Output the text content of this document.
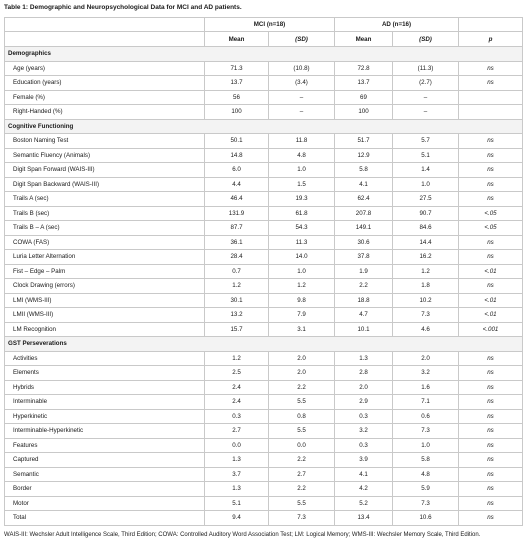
Table 1: Demographic and Neuropsychological Data for MCI and AD patients.
	MCI (n=18)		AD (n=16)		
	Mean	(SD)	Mean	(SD)	p
Demographics					
Age (years)	71.3	(10.8)	72.8	(11.3)	ns
Education (years)	13.7	(3.4)	13.7	(2.7)	ns
Female (%)	56	–	69	–	
Right-Handed (%)	100	–	100	–	
Cognitive Functioning					
Boston Naming Test	50.1	11.8	51.7	5.7	ns
Semantic Fluency (Animals)	14.8	4.8	12.9	5.1	ns
Digit Span Forward (WAIS-III)	6.0	1.0	5.8	1.4	ns
Digit Span Backward (WAIS-III)	4.4	1.5	4.1	1.0	ns
Trails A (sec)	46.4	19.3	62.4	27.5	ns
Trails B (sec)	131.9	61.8	207.8	90.7	<.05
Trails B – A (sec)	87.7	54.3	149.1	84.6	<.05
COWA (FAS)	36.1	11.3	30.6	14.4	ns
Luria Letter Alternation	28.4	14.0	37.8	16.2	ns
Fist – Edge – Palm	0.7	1.0	1.9	1.2	<.01
Clock Drawing (errors)	1.2	1.2	2.2	1.8	ns
LMI (WMS-III)	30.1	9.8	18.8	10.2	<.01
LMII (WMS-III)	13.2	7.9	4.7	7.3	<.01
LM Recognition	15.7	3.1	10.1	4.6	<.001
GST Perseverations					
Activities	1.2	2.0	1.3	2.0	ns
Elements	2.5	2.0	2.8	3.2	ns
Hybrids	2.4	2.2	2.0	1.6	ns
Interminable	2.4	5.5	2.9	7.1	ns
Hyperkinetic	0.3	0.8	0.3	0.6	ns
Interminable-Hyperkinetic	2.7	5.5	3.2	7.3	ns
Features	0.0	0.0	0.3	1.0	ns
Captured	1.3	2.2	3.9	5.8	ns
Semantic	3.7	2.7	4.1	4.8	ns
Border	1.3	2.2	4.2	5.9	ns
Motor	5.1	5.5	5.2	7.3	ns
Total	9.4	7.3	13.4	10.6	ns
WAIS-III: Wechsler Adult Intelligence Scale, Third Edition; COWA: Controlled Auditory Word Association Test; LM: Logical Memory; WMS-III: Wechsler Memory Scale, Third Edition.
